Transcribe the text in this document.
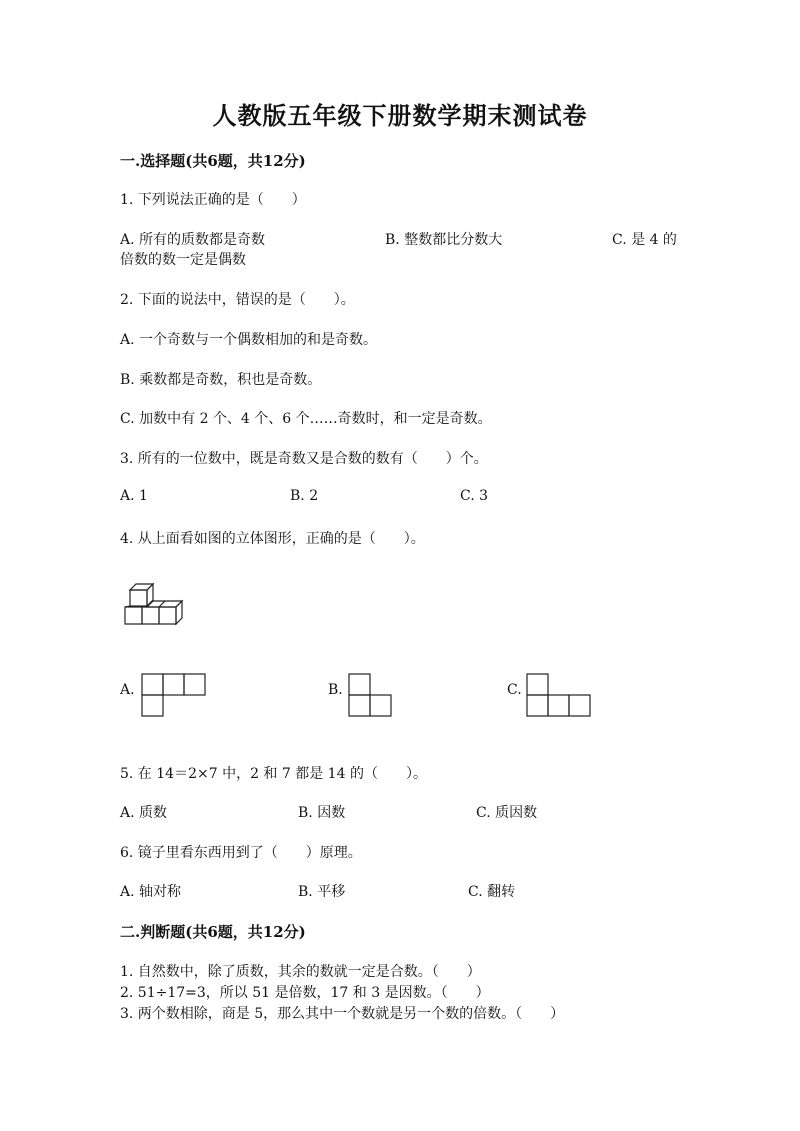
人教版五年级下册数学期末测试卷
一.选择题(共6题，共12分)
1. 下列说法正确的是（　　）
A. 所有的质数都是奇数	B. 整数都比分数大	C. 是 4 的
倍数的数一定是偶数
2. 下面的说法中，错误的是（　　）。
A. 一个奇数与一个偶数相加的和是奇数。
B. 乘数都是奇数，积也是奇数。
C. 加数中有 2 个、4 个、6 个……奇数时，和一定是奇数。
3. 所有的一位数中，既是奇数又是合数的数有（　　）个。
A. 1	B. 2	C. 3
4. 从上面看如图的立体图形，正确的是（　　）。
A.	B.	C.
5. 在 14＝2×7 中，2 和 7 都是 14 的（　　）。
A. 质数	B. 因数	C. 质因数
6. 镜子里看东西用到了（　　）原理。
A. 轴对称	B. 平移	C. 翻转
二.判断题(共6题，共12分)
1. 自然数中，除了质数，其余的数就一定是合数。（　　）
2. 51÷17=3，所以 51 是倍数，17 和 3 是因数。（　　）
3. 两个数相除，商是 5，那么其中一个数就是另一个数的倍数。（　　）
